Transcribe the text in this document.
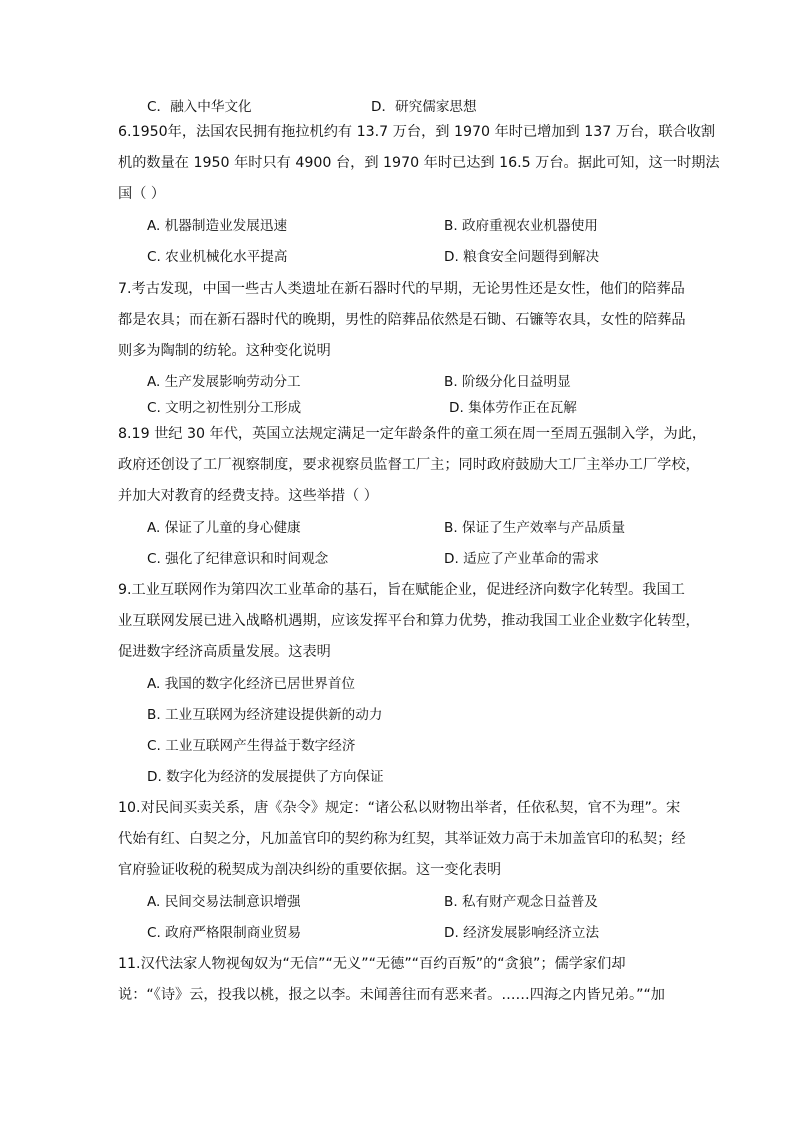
C．融入中华文化	D．研究儒家思想
6.1950年，法国农民拥有拖拉机约有 13.7 万台，到 1970 年时已增加到 137 万台，联合收割
机的数量在 1950 年时只有 4900 台，到 1970 年时已达到 16.5 万台。据此可知，这一时期法
国（ ）
A. 机器制造业发展迅速	B. 政府重视农业机器使用
C. 农业机械化水平提高	D. 粮食安全问题得到解决
7.考古发现，中国一些古人类遗址在新石器时代的早期，无论男性还是女性，他们的陪葬品
都是农具；而在新石器时代的晚期，男性的陪葬品依然是石锄、石镰等农具，女性的陪葬品
则多为陶制的纺轮。这种变化说明
A. 生产发展影响劳动分工	B. 阶级分化日益明显
C. 文明之初性别分工形成	D. 集体劳作正在瓦解
8.19 世纪 30 年代，英国立法规定满足一定年龄条件的童工须在周一至周五强制入学，为此，
政府还创设了工厂视察制度，要求视察员监督工厂主；同时政府鼓励大工厂主举办工厂学校，
并加大对教育的经费支持。这些举措（ ）
A. 保证了儿童的身心健康	B. 保证了生产效率与产品质量
C. 强化了纪律意识和时间观念	D. 适应了产业革命的需求
9.工业互联网作为第四次工业革命的基石，旨在赋能企业，促进经济向数字化转型。我国工
业互联网发展已进入战略机遇期，应该发挥平台和算力优势，推动我国工业企业数字化转型，
促进数字经济高质量发展。这表明
A. 我国的数字化经济已居世界首位
B. 工业互联网为经济建设提供新的动力
C. 工业互联网产生得益于数字经济
D. 数字化为经济的发展提供了方向保证
10.对民间买卖关系，唐《杂令》规定：“诸公私以财物出举者，任依私契，官不为理”。宋
代始有红、白契之分，凡加盖官印的契约称为红契，其举证效力高于未加盖官印的私契；经
官府验证收税的税契成为剖决纠纷的重要依据。这一变化表明
A. 民间交易法制意识增强	B. 私有财产观念日益普及
C. 政府严格限制商业贸易	D. 经济发展影响经济立法
11.汉代法家人物视匈奴为“无信”“无义”“无德”“百约百叛”的“贪狼”；儒学家们却
说：“《诗》云，投我以桃，报之以李。未闻善往而有恶来者。……四海之内皆兄弟。”“加
